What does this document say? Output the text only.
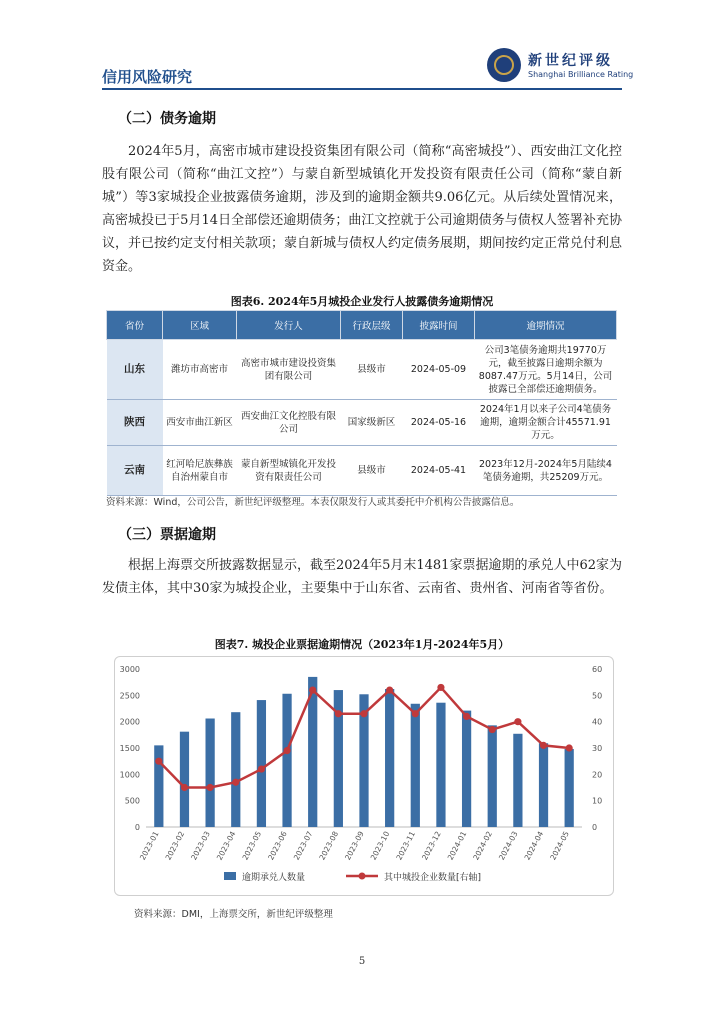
信用风险研究
新世纪评级
Shanghai Brilliance Rating
（二）债务逾期
2024年5月，高密市城市建设投资集团有限公司（简称“高密城投”）、西安曲江文化控股有限公司（简称“曲江文控”）与蒙自新型城镇化开发投资有限责任公司（简称“蒙自新城”）等3家城投企业披露债务逾期，涉及到的逾期金额共9.06亿元。从后续处置情况来，高密城投已于5月14日全部偿还逾期债务；曲江文控就于公司逾期债务与债权人签署补充协议，并已按约定支付相关款项；蒙自新城与债权人约定债务展期，期间按约定正常兑付利息资金。
图表6. 2024年5月城投企业发行人披露债务逾期情况
省份	区域	发行人	行政层级	披露时间	逾期情况
山东	潍坊市高密市	高密市城市建设投资集团有限公司	县级市	2024-05-09	公司3笔债务逾期共19770万元，截至披露日逾期余额为8087.47万元。5月14日，公司披露已全部偿还逾期债务。
陕西	西安市曲江新区	西安曲江文化控股有限公司	国家级新区	2024-05-16	2024年1月以来子公司4笔债务逾期，逾期金额合计45571.91万元。
云南	红河哈尼族彝族自治州蒙自市	蒙自新型城镇化开发投资有限责任公司	县级市	2024-05-41	2023年12月-2024年5月陆续4笔债务逾期，共25209万元。
资料来源：Wind，公司公告，新世纪评级整理。本表仅限发行人或其委托中介机构公告披露信息。
（三）票据逾期
根据上海票交所披露数据显示，截至2024年5月末1481家票据逾期的承兑人中62家为发债主体，其中30家为城投企业，主要集中于山东省、云南省、贵州省、河南省等省份。
图表7. 城投企业票据逾期情况（2023年1月-2024年5月）
0
500
1000
1500
2000
2500
3000
0
10
20
30
40
50
60
2023-01 2023-02 2023-03 2023-04 2023-05 2023-06 2023-07 2023-08 2023-09 2023-10 2023-11 2023-12 2024-01 2024-02 2024-03 2024-04 2024-05
逾期承兑人数量	其中城投企业数量[右轴]
资料来源：DMI，上海票交所，新世纪评级整理
5
